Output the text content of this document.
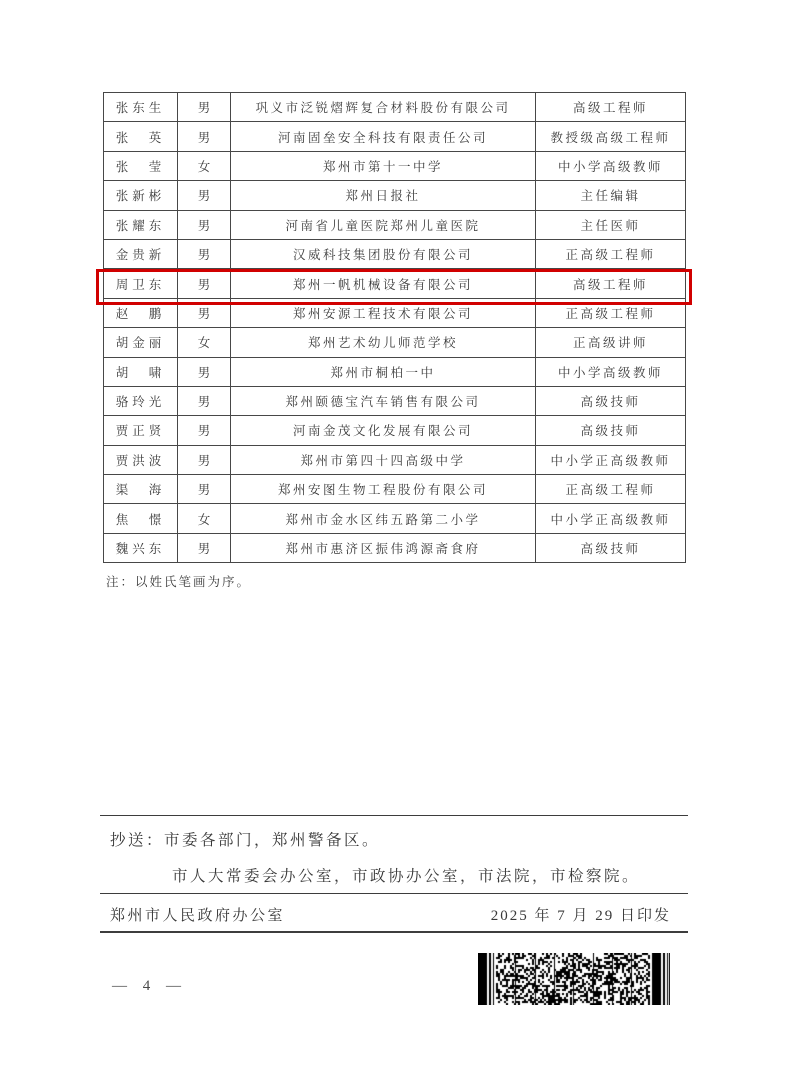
张东生	男	巩义市泛锐熠辉复合材料股份有限公司	高级工程师
张　英	男	河南固垒安全科技有限责任公司	教授级高级工程师
张　莹	女	郑州市第十一中学	中小学高级教师
张新彬	男	郑州日报社	主任编辑
张耀东	男	河南省儿童医院郑州儿童医院	主任医师
金贵新	男	汉威科技集团股份有限公司	正高级工程师
周卫东	男	郑州一帆机械设备有限公司	高级工程师
赵　鹏	男	郑州安源工程技术有限公司	正高级工程师
胡金丽	女	郑州艺术幼儿师范学校	正高级讲师
胡　啸	男	郑州市桐柏一中	中小学高级教师
骆玲光	男	郑州颐德宝汽车销售有限公司	高级技师
贾正贤	男	河南金茂文化发展有限公司	高级技师
贾洪波	男	郑州市第四十四高级中学	中小学正高级教师
渠　海	男	郑州安图生物工程股份有限公司	正高级工程师
焦　憬	女	郑州市金水区纬五路第二小学	中小学正高级教师
魏兴东	男	郑州市惠济区振伟鸿源斋食府	高级技师
注：以姓氏笔画为序。
抄送：市委各部门，郑州警备区。
市人大常委会办公室，市政协办公室，市法院，市检察院。
郑州市人民政府办公室	2025 年 7 月 29 日印发
— 4 —
